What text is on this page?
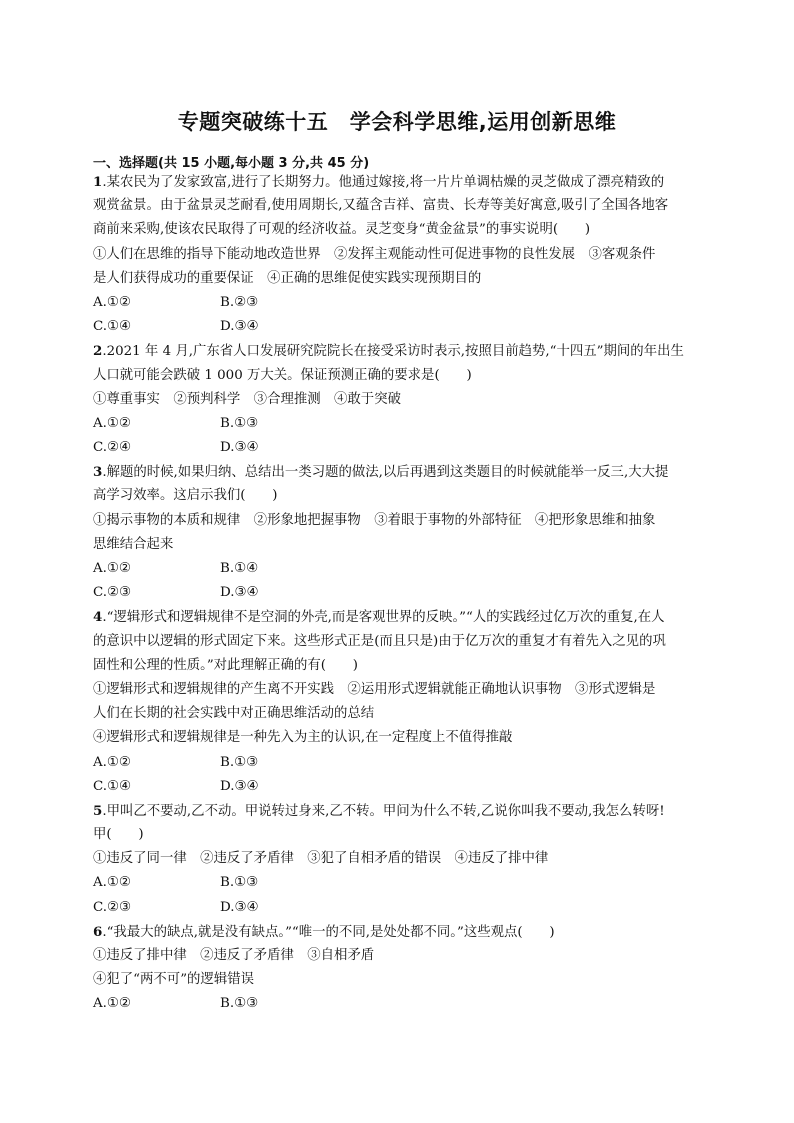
专题突破练十五　学会科学思维,运用创新思维
一、选择题(共 15 小题,每小题 3 分,共 45 分)
1.某农民为了发家致富,进行了长期努力。他通过嫁接,将一片片单调枯燥的灵芝做成了漂亮精致的
观赏盆景。由于盆景灵芝耐看,使用周期长,又蕴含吉祥、富贵、长寿等美好寓意,吸引了全国各地客
商前来采购,使该农民取得了可观的经济收益。灵芝变身“黄金盆景”的事实说明(　　)
①人们在思维的指导下能动地改造世界　②发挥主观能动性可促进事物的良性发展　③客观条件
是人们获得成功的重要保证　④正确的思维促使实践实现预期目的
A.①②	B.②③
C.①④	D.③④
2.2021 年 4 月,广东省人口发展研究院院长在接受采访时表示,按照目前趋势,“十四五”期间的年出生
人口就可能会跌破 1 000 万大关。保证预测正确的要求是(　　)
①尊重事实　②预判科学　③合理推测　④敢于突破
A.①②	B.①③
C.②④	D.③④
3.解题的时候,如果归纳、总结出一类习题的做法,以后再遇到这类题目的时候就能举一反三,大大提
高学习效率。这启示我们(　　)
①揭示事物的本质和规律　②形象地把握事物　③着眼于事物的外部特征　④把形象思维和抽象
思维结合起来
A.①②	B.①④
C.②③	D.③④
4.“逻辑形式和逻辑规律不是空洞的外壳,而是客观世界的反映。”“人的实践经过亿万次的重复,在人
的意识中以逻辑的形式固定下来。这些形式正是(而且只是)由于亿万次的重复才有着先入之见的巩
固性和公理的性质。”对此理解正确的有(　　)
①逻辑形式和逻辑规律的产生离不开实践　②运用形式逻辑就能正确地认识事物　③形式逻辑是
人们在长期的社会实践中对正确思维活动的总结
④逻辑形式和逻辑规律是一种先入为主的认识,在一定程度上不值得推敲
A.①②	B.①③
C.①④	D.③④
5.甲叫乙不要动,乙不动。甲说转过身来,乙不转。甲问为什么不转,乙说你叫我不要动,我怎么转呀!
甲(　　)
①违反了同一律　②违反了矛盾律　③犯了自相矛盾的错误　④违反了排中律
A.①②	B.①③
C.②③	D.③④
6.“我最大的缺点,就是没有缺点。”“唯一的不同,是处处都不同。”这些观点(　　)
①违反了排中律　②违反了矛盾律　③自相矛盾
④犯了“两不可”的逻辑错误
A.①②	B.①③
